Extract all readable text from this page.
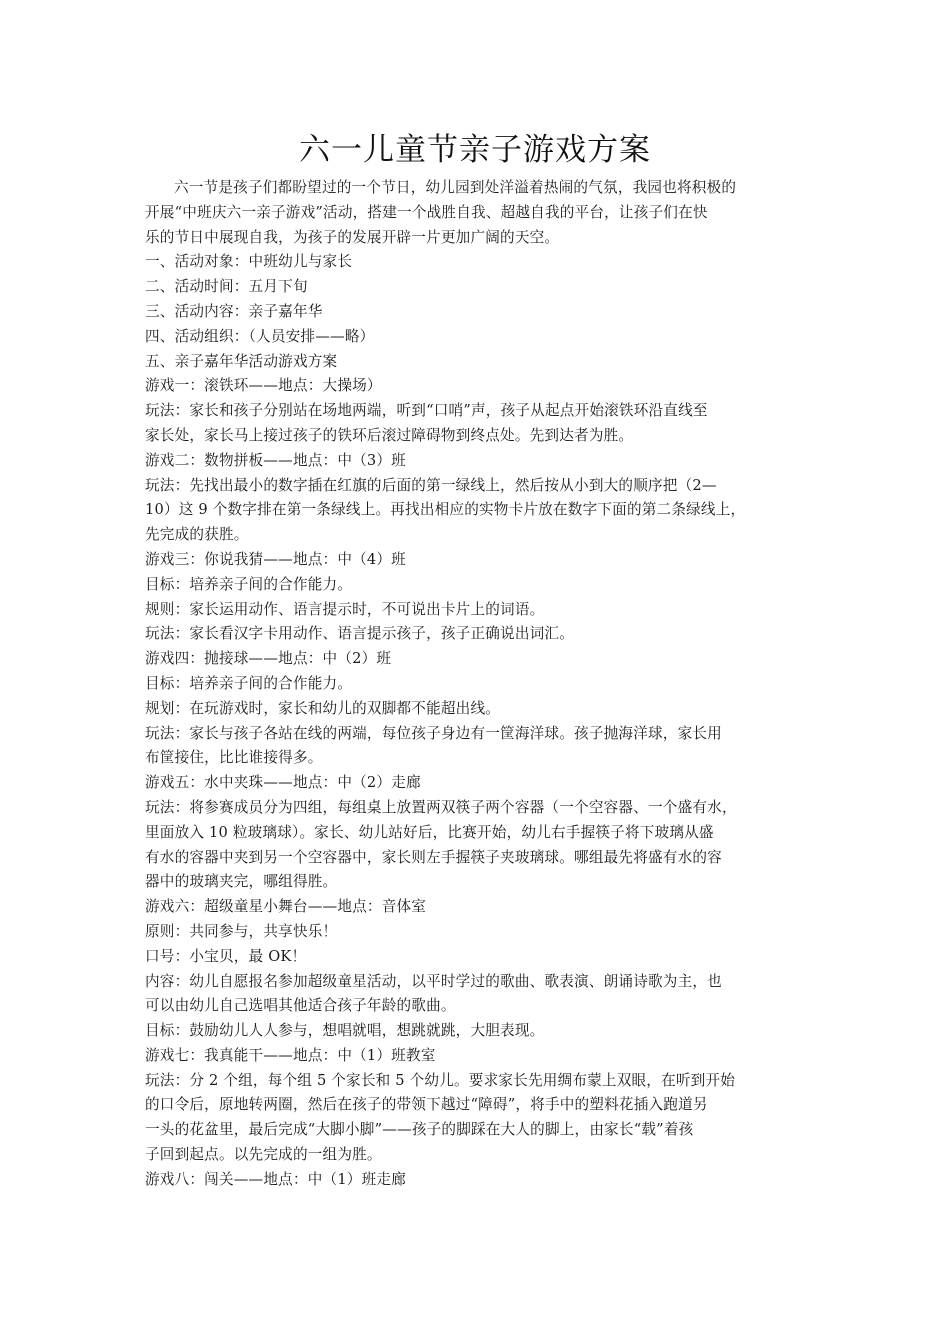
六一儿童节亲子游戏方案
六一节是孩子们都盼望过的一个节日，幼儿园到处洋溢着热闹的气氛，我园也将积极的
开展“中班庆六一亲子游戏”活动，搭建一个战胜自我、超越自我的平台，让孩子们在快
乐的节日中展现自我，为孩子的发展开辟一片更加广阔的天空。
一、活动对象：中班幼儿与家长
二、活动时间：五月下旬
三、活动内容：亲子嘉年华
四、活动组织：（人员安排——略）
五、亲子嘉年华活动游戏方案
游戏一：滚铁环——地点：大操场）
玩法：家长和孩子分别站在场地两端，听到“口哨”声，孩子从起点开始滚铁环沿直线至
家长处，家长马上接过孩子的铁环后滚过障碍物到终点处。先到达者为胜。
游戏二：数物拼板——地点：中（3）班
玩法：先找出最小的数字插在红旗的后面的第一绿线上，然后按从小到大的顺序把（2—
10）这 9 个数字排在第一条绿线上。再找出相应的实物卡片放在数字下面的第二条绿线上，
先完成的获胜。
游戏三：你说我猜——地点：中（4）班
目标：培养亲子间的合作能力。
规则：家长运用动作、语言提示时，不可说出卡片上的词语。
玩法：家长看汉字卡用动作、语言提示孩子，孩子正确说出词汇。
游戏四：抛接球——地点：中（2）班
目标：培养亲子间的合作能力。
规划：在玩游戏时，家长和幼儿的双脚都不能超出线。
玩法：家长与孩子各站在线的两端，每位孩子身边有一筐海洋球。孩子抛海洋球，家长用
布筐接住，比比谁接得多。
游戏五：水中夹珠——地点：中（2）走廊
玩法：将参赛成员分为四组，每组桌上放置两双筷子两个容器（一个空容器、一个盛有水，
里面放入 10 粒玻璃球）。家长、幼儿站好后，比赛开始，幼儿右手握筷子将下玻璃从盛
有水的容器中夹到另一个空容器中，家长则左手握筷子夹玻璃球。哪组最先将盛有水的容
器中的玻璃夹完，哪组得胜。
游戏六：超级童星小舞台——地点：音体室
原则：共同参与，共享快乐！
口号：小宝贝，最 OK！
内容：幼儿自愿报名参加超级童星活动，以平时学过的歌曲、歌表演、朗诵诗歌为主，也
可以由幼儿自己选唱其他适合孩子年龄的歌曲。
目标：鼓励幼儿人人参与，想唱就唱，想跳就跳，大胆表现。
游戏七：我真能干——地点：中（1）班教室
玩法：分 2 个组，每个组 5 个家长和 5 个幼儿。要求家长先用绸布蒙上双眼，在听到开始
的口令后，原地转两圈，然后在孩子的带领下越过“障碍”，将手中的塑料花插入跑道另
一头的花盆里，最后完成“大脚小脚”——孩子的脚踩在大人的脚上，由家长“载”着孩
子回到起点。以先完成的一组为胜。
游戏八：闯关——地点：中（1）班走廊
